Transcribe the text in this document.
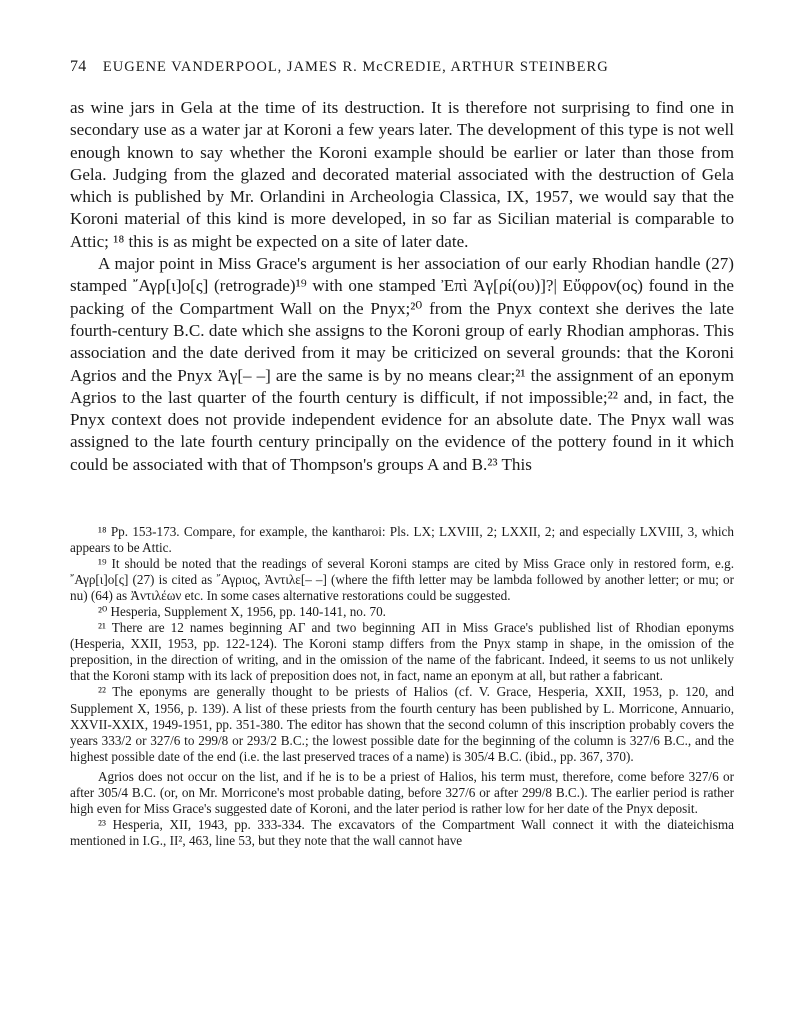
74 EUGENE VANDERPOOL, JAMES R. McCREDIE, ARTHUR STEINBERG

as wine jars in Gela at the time of its destruction. It is therefore not surprising to find one in secondary use as a water jar at Koroni a few years later. The development of this type is not well enough known to say whether the Koroni example should be earlier or later than those from Gela. Judging from the glazed and decorated material associated with the destruction of Gela which is published by Mr. Orlandini in Archeologia Classica, IX, 1957, we would say that the Koroni material of this kind is more developed, in so far as Sicilian material is comparable to Attic; ¹⁸ this is as might be expected on a site of later date.

A major point in Miss Grace's argument is her association of our early Rhodian handle (27) stamped ῎Αγρ[ι]ο[ς] (retrograde)¹⁹ with one stamped Ἐπὶ Ἀγ[ρί(ου)]?| Εὔφρον(ος) found in the packing of the Compartment Wall on the Pnyx;²⁰ from the Pnyx context she derives the late fourth-century B.C. date which she assigns to the Koroni group of early Rhodian amphoras. This association and the date derived from it may be criticized on several grounds: that the Koroni Agrios and the Pnyx Ἀγ[– –] are the same is by no means clear;²¹ the assignment of an eponym Agrios to the last quarter of the fourth century is difficult, if not impossible;²² and, in fact, the Pnyx context does not provide independent evidence for an absolute date. The Pnyx wall was assigned to the late fourth century principally on the evidence of the pottery found in it which could be associated with that of Thompson's groups A and B.²³ This

¹⁸ Pp. 153-173. Compare, for example, the kantharoi: Pls. LX; LXVIII, 2; LXXII, 2; and especially LXVIII, 3, which appears to be Attic.

¹⁹ It should be noted that the readings of several Koroni stamps are cited by Miss Grace only in restored form, e.g. ῎Αγρ[ι]ο[ς] (27) is cited as ῎Αγριος, Ἀντιλε[– –] (where the fifth letter may be lambda followed by another letter; or mu; or nu) (64) as Ἀντιλέων etc. In some cases alternative restorations could be suggested.

²⁰ Hesperia, Supplement X, 1956, pp. 140-141, no. 70.

²¹ There are 12 names beginning ΑΓ and two beginning ΑΠ in Miss Grace's published list of Rhodian eponyms (Hesperia, XXII, 1953, pp. 122-124). The Koroni stamp differs from the Pnyx stamp in shape, in the omission of the preposition, in the direction of writing, and in the omission of the name of the fabricant. Indeed, it seems to us not unlikely that the Koroni stamp with its lack of preposition does not, in fact, name an eponym at all, but rather a fabricant.

²² The eponyms are generally thought to be priests of Halios (cf. V. Grace, Hesperia, XXII, 1953, p. 120, and Supplement X, 1956, p. 139). A list of these priests from the fourth century has been published by L. Morricone, Annuario, XXVII-XXIX, 1949-1951, pp. 351-380. The editor has shown that the second column of this inscription probably covers the years 333/2 or 327/6 to 299/8 or 293/2 B.C.; the lowest possible date for the beginning of the column is 327/6 B.C., and the highest possible date of the end (i.e. the last preserved traces of a name) is 305/4 B.C. (ibid., pp. 367, 370).

Agrios does not occur on the list, and if he is to be a priest of Halios, his term must, therefore, come before 327/6 or after 305/4 B.C. (or, on Mr. Morricone's most probable dating, before 327/6 or after 299/8 B.C.). The earlier period is rather high even for Miss Grace's suggested date of Koroni, and the later period is rather low for her date of the Pnyx deposit.

²³ Hesperia, XII, 1943, pp. 333-334. The excavators of the Compartment Wall connect it with the diateichisma mentioned in I.G., II², 463, line 53, but they note that the wall cannot have
